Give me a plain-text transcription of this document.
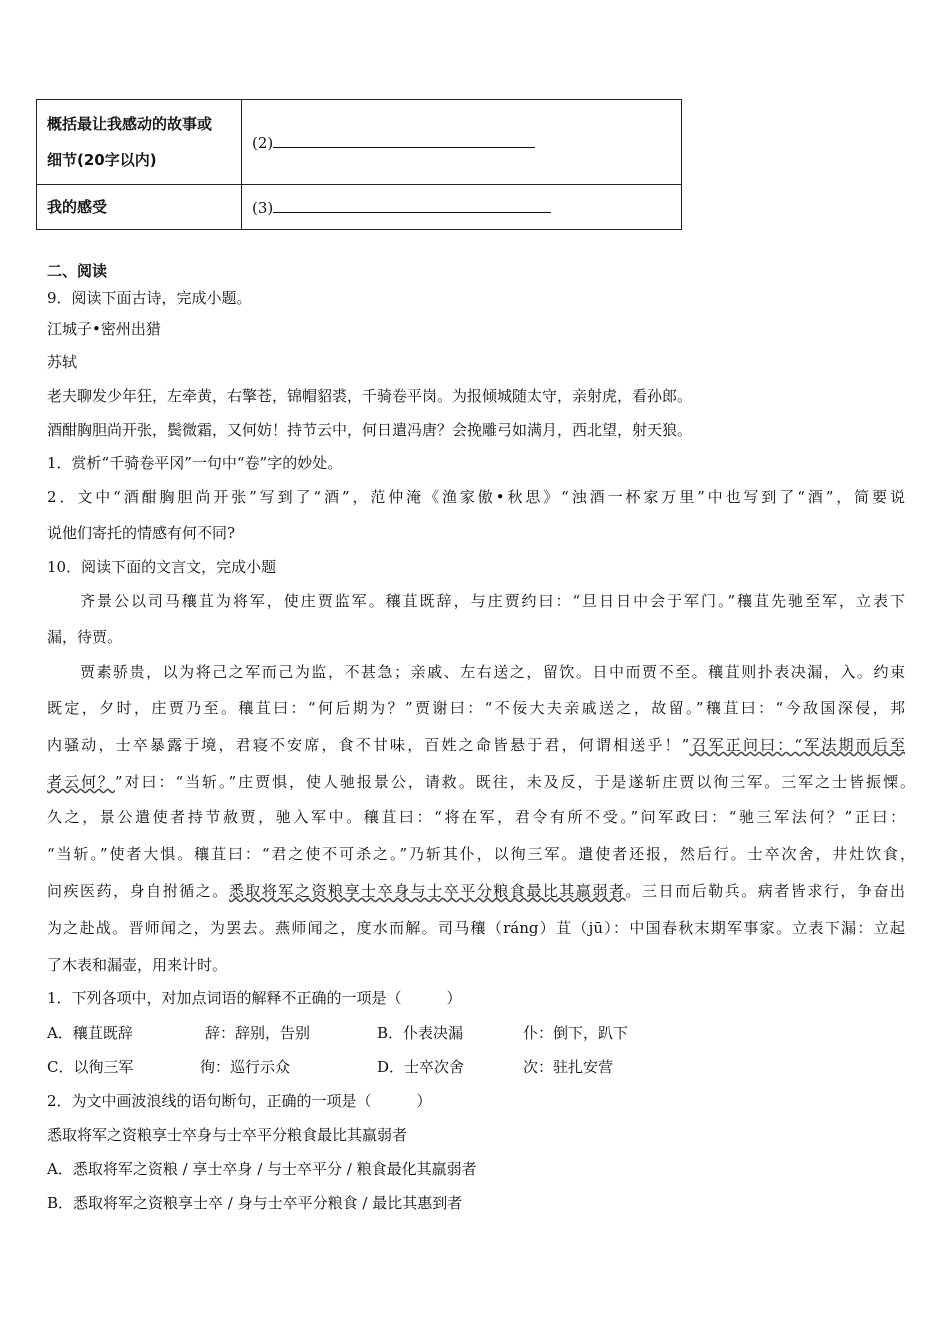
概括最让我感动的故事或
细节(20字以内)	(2)
我的感受	(3)
二、阅读
9．阅读下面古诗，完成小题。
江城子•密州出猎
苏轼
老夫聊发少年狂，左牵黄，右擎苍，锦帽貂裘，千骑卷平岗。为报倾城随太守，亲射虎，看孙郎。
酒酣胸胆尚开张，鬓微霜，又何妨！持节云中，何日遣冯唐？会挽雕弓如满月，西北望，射天狼。
1．赏析“千骑卷平冈”一句中“卷”字的妙处。
2．文中“酒酣胸胆尚开张”写到了“酒”，范仲淹《渔家傲•秋思》“浊酒一杯家万里”中也写到了“酒”，简要说
说他们寄托的情感有何不同?
10．阅读下面的文言文，完成小题
齐景公以司马穰苴为将军，使庄贾监军。穰苴既辞，与庄贾约曰：“旦日日中会于军门。”穰苴先驰至军，立表下
漏，待贾。
贾素骄贵，以为将己之军而己为监，不甚急；亲戚、左右送之，留饮。日中而贾不至。穰苴则扑表决漏，入。约束
既定，夕时，庄贾乃至。穰苴曰：“何后期为？”贾谢曰：“不佞大夫亲戚送之，故留。”穰苴曰：“今敌国深侵，邦
内骚动，士卒暴露于境，君寝不安席，食不甘味，百姓之命皆悬于君，何谓相送乎！”召军正问曰：“军法期而后至
者云何？”对曰：“当斩。”庄贾惧，使人驰报景公，请救。既往，未及反，于是遂斩庄贾以徇三军。三军之士皆振慄。
久之，景公遣使者持节赦贾，驰入军中。穰苴曰：“将在军，君令有所不受。”问军政曰：“驰三军法何？”正曰：
“当斩。”使者大惧。穰苴曰：“君之使不可杀之。”乃斩其仆，以徇三军。遣使者还报，然后行。士卒次舍，井灶饮食，
问疾医药，身自拊循之。悉取将军之资粮享士卒身与士卒平分粮食最比其羸弱者。三日而后勒兵。病者皆求行，争奋出
为之赴战。晋师闻之，为罢去。燕师闻之，度水而解。司马穰（ráng）苴（jū）：中国春秋末期军事家。立表下漏：立起
了木表和漏壶，用来计时。
1．下列各项中，对加点词语的解释不正确的一项是（　　　）
A．穰苴既辞	辞：辞别，告别	B．仆表决漏	仆：倒下，趴下
C．以徇三军	徇：巡行示众	D．士卒次舍	次：驻扎安营
2．为文中画波浪线的语句断句，正确的一项是（　　　）
悉取将军之资粮享士卒身与士卒平分粮食最比其羸弱者
A．悉取将军之资粮 / 享士卒身 / 与士卒平分 / 粮食最化其羸弱者
B．悉取将军之资粮享士卒 / 身与士卒平分粮食 / 最比其惠到者
